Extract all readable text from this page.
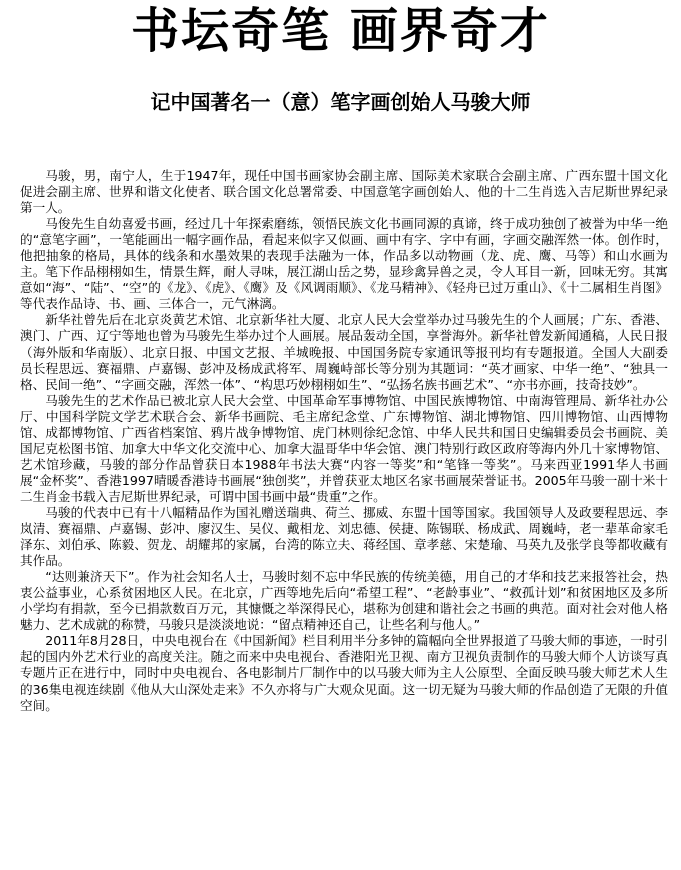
书坛奇笔 画界奇才
记中国著名一（意）笔字画创始人马骏大师

马骏，男，南宁人，生于1947年，现任中国书画家协会副主席、国际美术家联合会副主席、广西东盟十国文化促进会副主席、世界和谐文化使者、联合国文化总署常委、中国意笔字画创始人、他的十二生肖选入吉尼斯世界纪录第一人。

马俊先生自幼喜爱书画，经过几十年探索磨练，领悟民族文化书画同源的真谛，终于成功独创了被誉为中华一绝的“意笔字画”，一笔能画出一幅字画作品，看起来似字又似画、画中有字、字中有画，字画交融浑然一体。创作时，他把抽象的格局，具体的线条和水墨效果的表现手法融为一体，作品多以动物画（龙、虎、鹰、马等）和山水画为主。笔下作品栩栩如生，情景生辉，耐人寻味，展江湖山岳之势，显珍禽异兽之灵，令人耳目一新，回味无穷。其寓意如“海”、“陆”、“空”的《龙》、《虎》、《鹰》及《风调雨顺》、《龙马精神》、《轻舟已过万重山》、《十二属相生肖图》等代表作品诗、书、画、三体合一，元气淋漓。

新华社曾先后在北京炎黄艺术馆、北京新华社大厦、北京人民大会堂举办过马骏先生的个人画展；广东、香港、澳门、广西、辽宁等地也曾为马骏先生举办过个人画展。展品轰动全国，享誉海外。新华社曾发新闻通稿，人民日报（海外版和华南版）、北京日报、中国文艺报、羊城晚报、中国国务院专家通讯等报刊均有专题报道。全国人大副委员长程思远、赛福鼎、卢嘉锡、彭冲及杨成武将军、周巍峙部长等分别为其题词：“英才画家、中华一绝”、“独具一格、民间一绝”、“字画交融，浑然一体”、“构思巧妙栩栩如生”、“弘扬名族书画艺术”、“亦书亦画，技奇技妙”。

马骏先生的艺术作品已被北京人民大会堂、中国革命军事博物馆、中国民族博物馆、中南海管理局、新华社办公厅、中国科学院文学艺术联合会、新华书画院、毛主席纪念堂、广东博物馆、湖北博物馆、四川博物馆、山西博物馆、成都博物馆、广西省档案馆、鸦片战争博物馆、虎门林则徐纪念馆、中华人民共和国日史编辑委员会书画院、美国尼克松图书馆、加拿大中华文化交流中心、加拿大温哥华中华会馆、澳门特别行政区政府等海内外几十家博物馆、艺术馆珍藏，马骏的部分作品曾获日本1988年书法大赛“内容一等奖”和“笔锋一等奖”。马来西亚1991华人书画展“金杯奖”、香港1997晴暖香港诗书画展“独创奖”，并曾获亚太地区名家书画展荣誉证书。2005年马骏一副十米十二生肖金书载入吉尼斯世界纪录，可谓中国书画中最“贵重”之作。

马骏的代表中已有十八幅精品作为国礼赠送瑞典、荷兰、挪威、东盟十国等国家。我国领导人及政要程思远、李岚清、赛福鼎、卢嘉锡、彭冲、廖汉生、吴仪、戴相龙、刘忠德、侯捷、陈锡联、杨成武、周巍峙，老一辈革命家毛泽东、刘伯承、陈毅、贺龙、胡耀邦的家属，台湾的陈立夫、蒋经国、章孝慈、宋楚瑜、马英九及张学良等都收藏有其作品。

“达则兼济天下”。作为社会知名人士，马骏时刻不忘中华民族的传统美德，用自己的才华和技艺来报答社会，热衷公益事业，心系贫困地区人民。在北京，广西等地先后向“希望工程”、“老龄事业”、“救孤计划”和贫困地区及多所小学均有捐款，至今已捐款数百万元，其慷慨之举深得民心，堪称为创建和谐社会之书画的典范。面对社会对他人格魅力、艺术成就的称赞，马骏只是淡淡地说：“留点精神还自己，让些名利与他人。”

2011年8月28日，中央电视台在《中国新闻》栏目利用半分多钟的篇幅向全世界报道了马骏大师的事迹，一时引起的国内外艺术行业的高度关注。随之而来中央电视台、香港阳光卫视、南方卫视负责制作的马骏大师个人访谈写真专题片正在进行中，同时中央电视台、各电影制片厂制作中的以马骏大师为主人公原型、全面反映马骏大师艺术人生的36集电视连续剧《他从大山深处走来》不久亦将与广大观众见面。这一切无疑为马骏大师的作品创造了无限的升值空间。
